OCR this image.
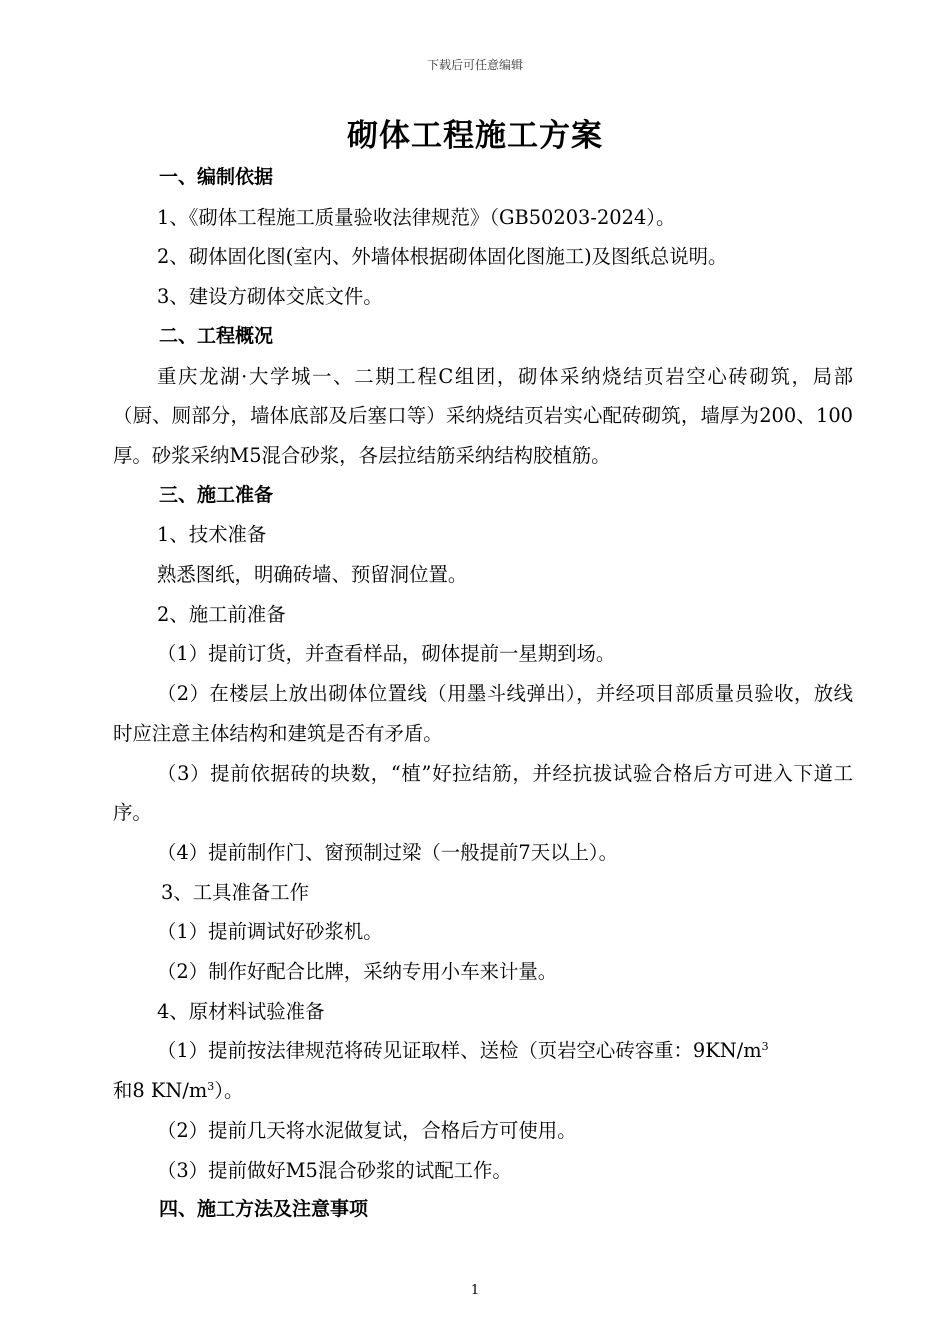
下载后可任意编辑
砌体工程施工方案

一、编制依据

1、《砌体工程施工质量验收法律规范》（GB50203-2024）。

2、砌体固化图(室内、外墙体根据砌体固化图施工)及图纸总说明。

3、建设方砌体交底文件。

二、工程概况

重庆龙湖·大学城一、二期工程C组团，砌体采纳烧结页岩空心砖砌筑，局部（厨、厕部分，墙体底部及后塞口等）采纳烧结页岩实心配砖砌筑，墙厚为200、100厚。砂浆采纳M5混合砂浆，各层拉结筋采纳结构胶植筋。

三、施工准备

1、技术准备

熟悉图纸，明确砖墙、预留洞位置。

2、施工前准备

（1）提前订货，并查看样品，砌体提前一星期到场。

（2）在楼层上放出砌体位置线（用墨斗线弹出），并经项目部质量员验收，放线时应注意主体结构和建筑是否有矛盾。

（3）提前依据砖的块数，“植”好拉结筋，并经抗拔试验合格后方可进入下道工序。

（4）提前制作门、窗预制过梁（一般提前7天以上）。

3、工具准备工作

（1）提前调试好砂浆机。

（2）制作好配合比牌，采纳专用小车来计量。

4、原材料试验准备

（1）提前按法律规范将砖见证取样、送检（页岩空心砖容重：$9KN/m^3$
和8 $KN/m^3$）。

（2）提前几天将水泥做复试，合格后方可使用。

（3）提前做好M5混合砂浆的试配工作。

四、施工方法及注意事项

1
